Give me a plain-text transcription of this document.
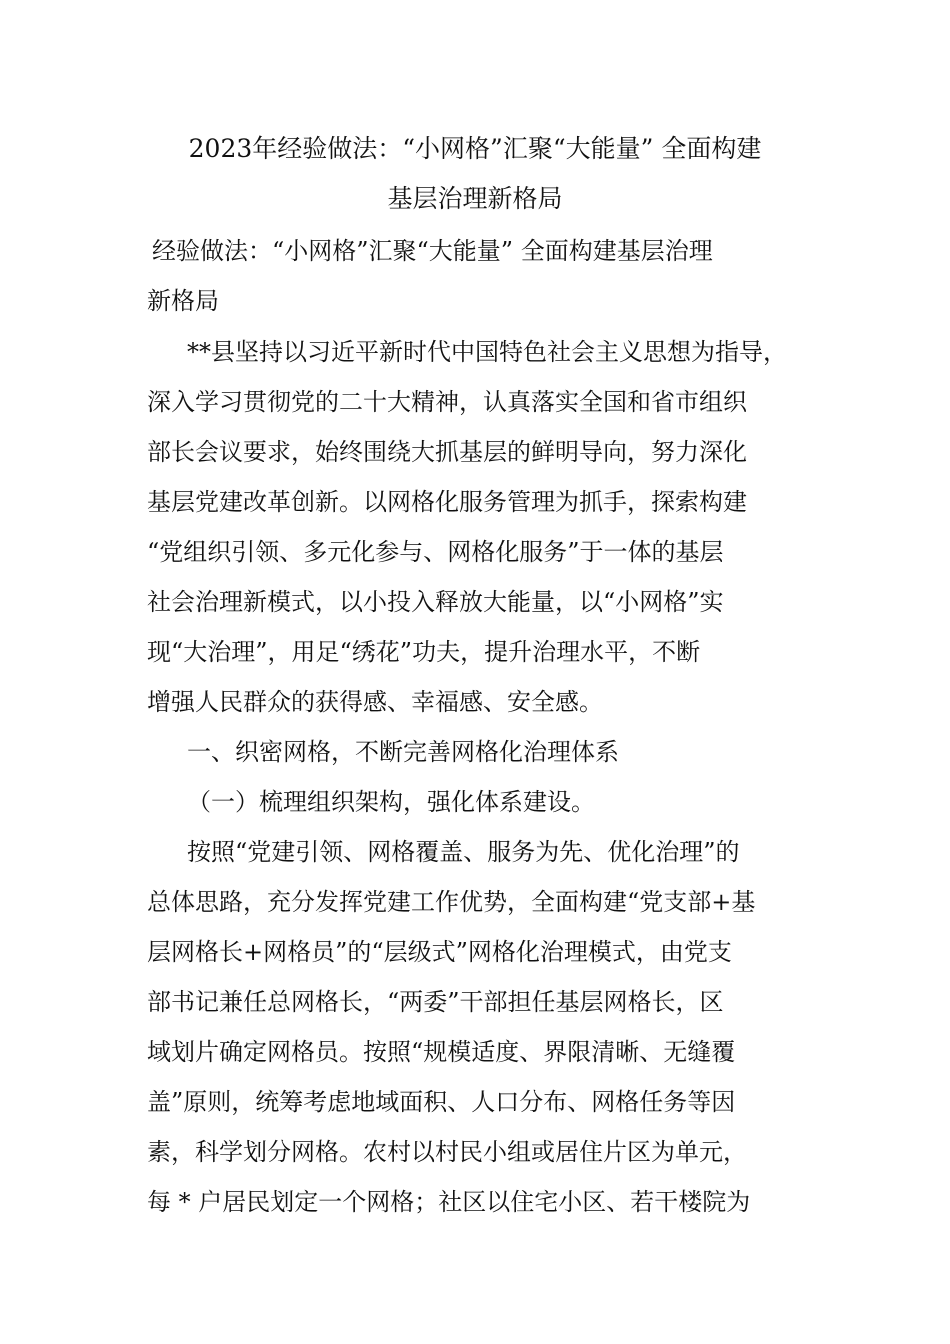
2023年经验做法：“小网格”汇聚“大能量” 全面构建
基层治理新格局
经验做法：“小网格”汇聚“大能量” 全面构建基层治理
新格局
**县坚持以习近平新时代中国特色社会主义思想为指导，
深入学习贯彻党的二十大精神，认真落实全国和省市组织
部长会议要求，始终围绕大抓基层的鲜明导向，努力深化
基层党建改革创新。以网格化服务管理为抓手，探索构建
“党组织引领、多元化参与、网格化服务”于一体的基层
社会治理新模式，以小投入释放大能量，以“小网格”实
现“大治理”，用足“绣花”功夫，提升治理水平，不断
增强人民群众的获得感、幸福感、安全感。
一、织密网格，不断完善网格化治理体系
（一）梳理组织架构，强化体系建设。
按照“党建引领、网格覆盖、服务为先、优化治理”的
总体思路，充分发挥党建工作优势，全面构建“党支部+基
层网格长+网格员”的“层级式”网格化治理模式，由党支
部书记兼任总网格长，“两委”干部担任基层网格长，区
域划片确定网格员。按照“规模适度、界限清晰、无缝覆
盖”原则，统筹考虑地域面积、人口分布、网格任务等因
素，科学划分网格。农村以村民小组或居住片区为单元，
每 * 户居民划定一个网格；社区以住宅小区、若干楼院为
